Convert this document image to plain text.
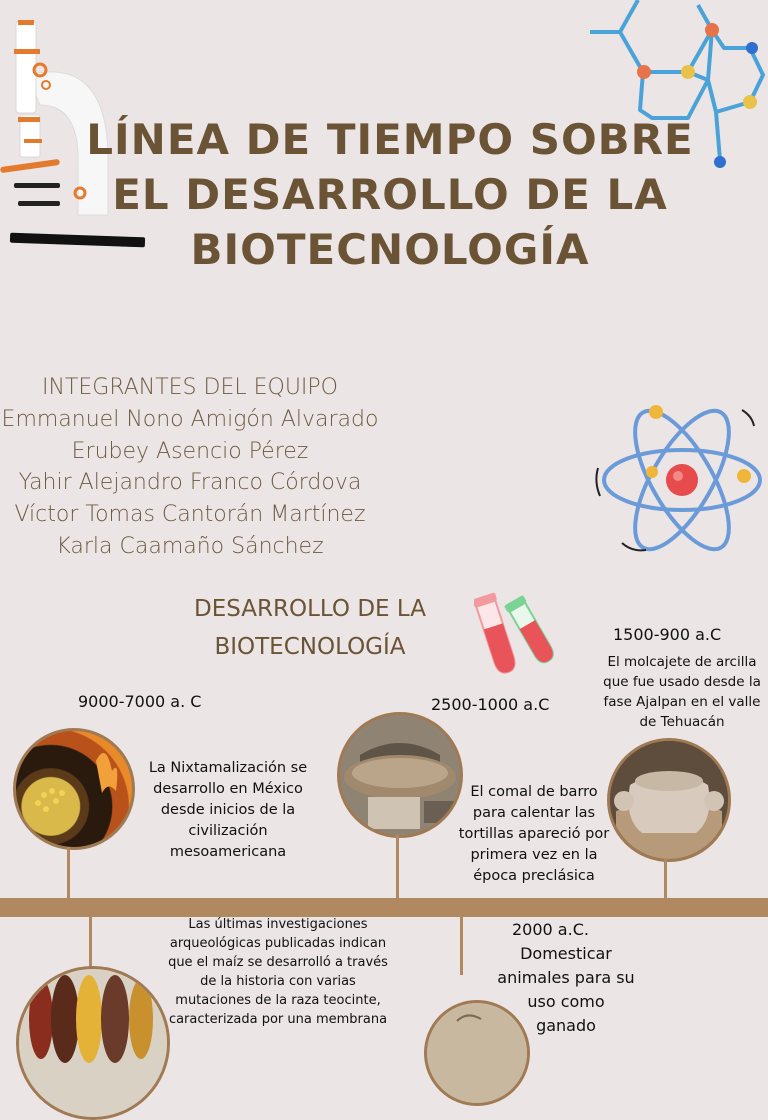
LÍNEA DE TIEMPO SOBRE EL DESARROLLO DE LA BIOTECNOLOGÍA
INTEGRANTES DEL EQUIPO
Emmanuel Nono Amigón Alvarado
Erubey Asencio Pérez
Yahir Alejandro Franco Córdova
Víctor Tomas Cantorán Martínez
Karla Caamaño Sánchez
DESARROLLO DE LA
BIOTECNOLOGÍA
9000-7000 a. C
La Nixtamalización se desarrollo en México desde inicios de la civilización mesoamericana
2500-1000 a.C
El comal de barro para calentar las tortillas apareció por primera vez en la época preclásica
1500-900 a.C
El molcajete de arcilla que fue usado desde la fase Ajalpan en el valle de Tehuacán
Las últimas investigaciones arqueológicas publicadas indican que el maíz se desarrolló a través de la historia con varias mutaciones de la raza teocinte, caracterizada por una membrana
2000 a.C.
Domesticar animales para su uso como ganado
